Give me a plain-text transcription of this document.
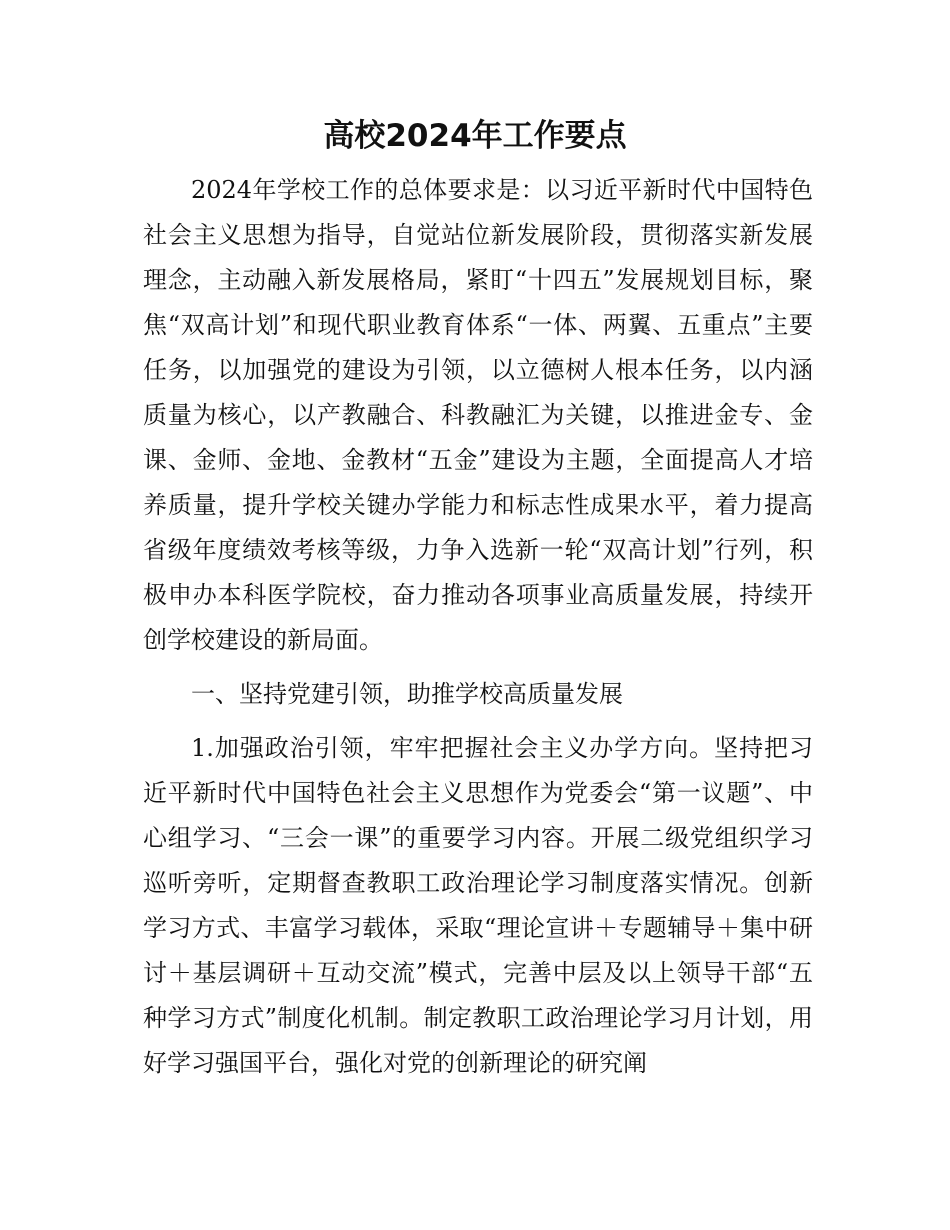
高校2024年工作要点

2024年学校工作的总体要求是：以习近平新时代中国特色社会主义思想为指导，自觉站位新发展阶段，贯彻落实新发展理念，主动融入新发展格局，紧盯“十四五”发展规划目标，聚焦“双高计划”和现代职业教育体系“一体、两翼、五重点”主要任务，以加强党的建设为引领，以立德树人根本任务，以内涵质量为核心，以产教融合、科教融汇为关键，以推进金专、金课、金师、金地、金教材“五金”建设为主题，全面提高人才培养质量，提升学校关键办学能力和标志性成果水平，着力提高省级年度绩效考核等级，力争入选新一轮“双高计划”行列，积极申办本科医学院校，奋力推动各项事业高质量发展，持续开创学校建设的新局面。

一、坚持党建引领，助推学校高质量发展

1.加强政治引领，牢牢把握社会主义办学方向。坚持把习近平新时代中国特色社会主义思想作为党委会“第一议题”、中心组学习、“三会一课”的重要学习内容。开展二级党组织学习巡听旁听，定期督查教职工政治理论学习制度落实情况。创新学习方式、丰富学习载体，采取“理论宣讲＋专题辅导＋集中研讨＋基层调研＋互动交流”模式，完善中层及以上领导干部“五种学习方式”制度化机制。制定教职工政治理论学习月计划，用好学习强国平台，强化对党的创新理论的研究阐
